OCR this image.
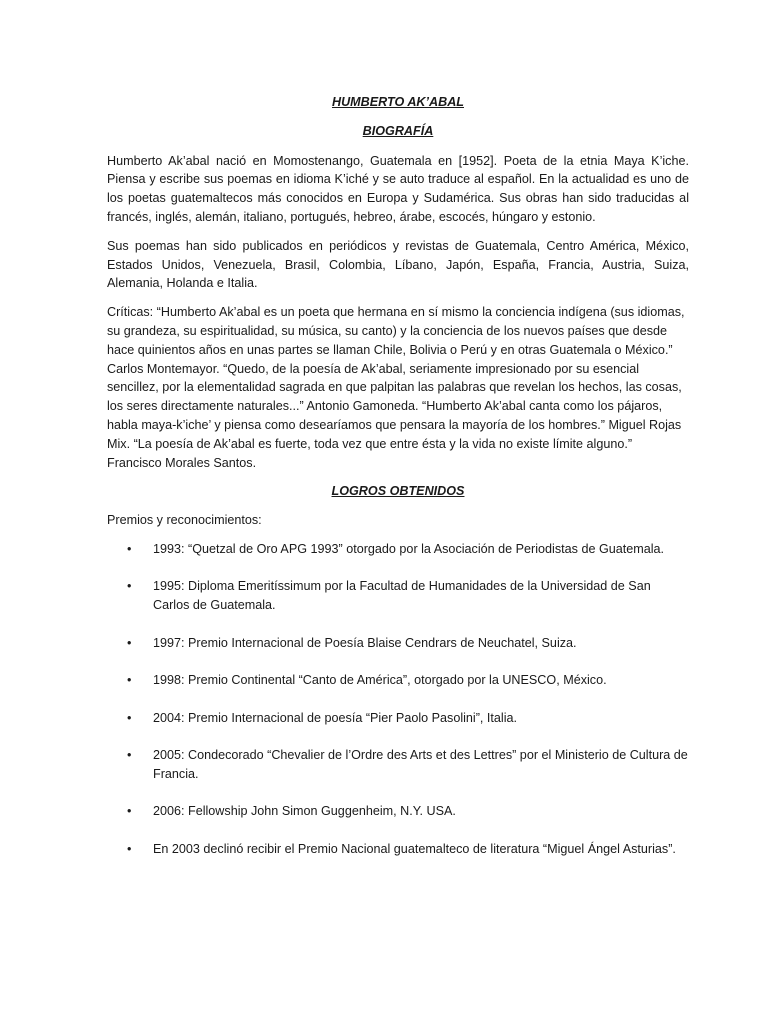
HUMBERTO AK’ABAL

BIOGRAFÍA

Humberto Ak’abal nació en Momostenango, Guatemala en [1952]. Poeta de la etnia Maya K’iche. Piensa y escribe sus poemas en idioma K’iché y se auto traduce al español. En la actualidad es uno de los poetas guatemaltecos más conocidos en Europa y Sudamérica. Sus obras han sido traducidas al francés, inglés, alemán, italiano, portugués, hebreo, árabe, escocés, húngaro y estonio.

Sus poemas han sido publicados en periódicos y revistas de Guatemala, Centro América, México, Estados Unidos, Venezuela, Brasil, Colombia, Líbano, Japón, España, Francia, Austria, Suiza, Alemania, Holanda e Italia.

Críticas: “Humberto Ak’abal es un poeta que hermana en sí mismo la conciencia indígena (sus idiomas, su grandeza, su espiritualidad, su música, su canto) y la conciencia de los nuevos países que desde hace quinientos años en unas partes se llaman Chile, Bolivia o Perú y en otras Guatemala o México.” Carlos Montemayor. “Quedo, de la poesía de Ak’abal, seriamente impresionado por su esencial sencillez, por la elementalidad sagrada en que palpitan las palabras que revelan los hechos, las cosas, los seres directamente naturales...” Antonio Gamoneda. “Humberto Ak’abal canta como los pájaros, habla maya-k’iche’ y piensa como desearíamos que pensara la mayoría de los hombres.” Miguel Rojas Mix. “La poesía de Ak’abal es fuerte, toda vez que entre ésta y la vida no existe límite alguno.” Francisco Morales Santos.

LOGROS OBTENIDOS

Premios y reconocimientos:

• 1993: “Quetzal de Oro APG 1993” otorgado por la Asociación de Periodistas de Guatemala.
• 1995: Diploma Emeritíssimum por la Facultad de Humanidades de la Universidad de San Carlos de Guatemala.
• 1997: Premio Internacional de Poesía Blaise Cendrars de Neuchatel, Suiza.
• 1998: Premio Continental “Canto de América”, otorgado por la UNESCO, México.
• 2004: Premio Internacional de poesía “Pier Paolo Pasolini”, Italia.
• 2005: Condecorado “Chevalier de l’Ordre des Arts et des Lettres” por el Ministerio de Cultura de Francia.
• 2006: Fellowship John Simon Guggenheim, N.Y. USA.
• En 2003 declinó recibir el Premio Nacional guatemalteco de literatura “Miguel Ángel Asturias”.
